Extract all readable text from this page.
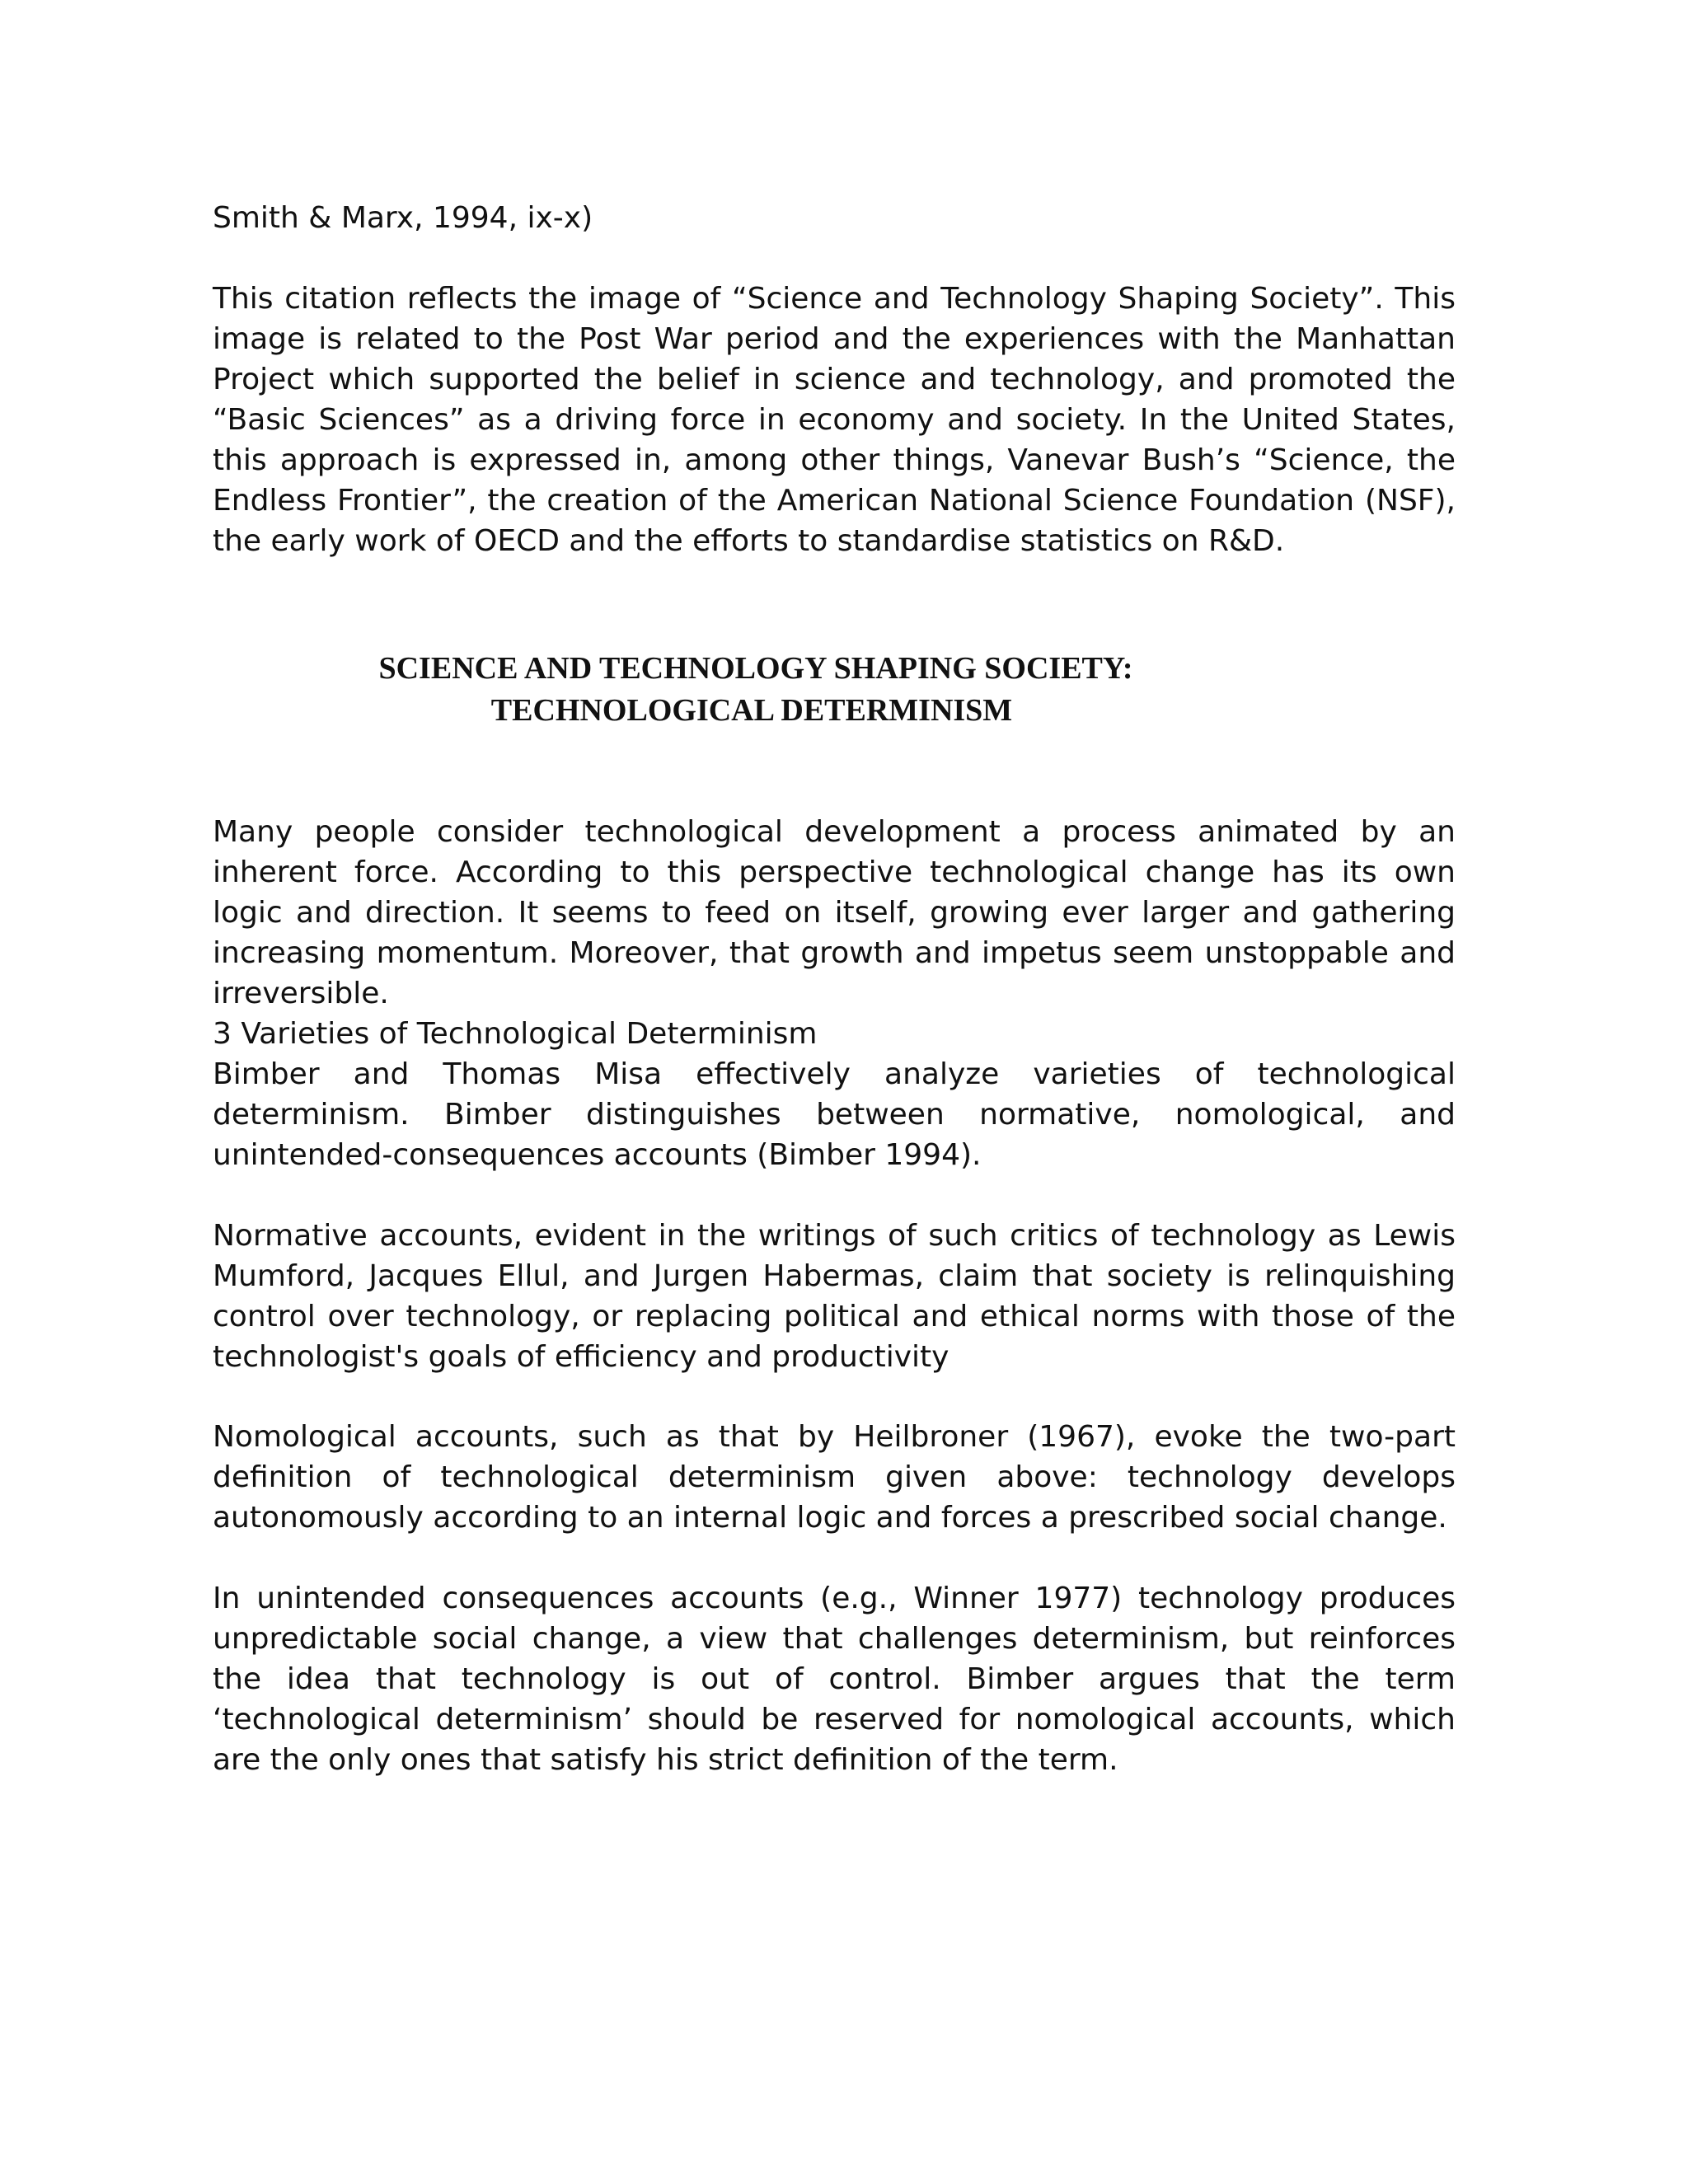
Smith & Marx, 1994, ix-x)
This citation reflects the image of “Science and Technology Shaping Society”. This image is related to the Post War period and the experiences with the Manhattan Project which supported the belief in science and technology, and promoted the “Basic Sciences” as a driving force in economy and society. In the United States, this approach is expressed in, among other things, Vanevar Bush’s “Science, the Endless Frontier”, the creation of the American National Science Foundation (NSF), the early work of OECD and the efforts to standardise statistics on R&D.
SCIENCE AND TECHNOLOGY SHAPING SOCIETY:
TECHNOLOGICAL DETERMINISM
Many people consider technological development a process animated by an inherent force. According to this perspective technological change has its own logic and direction. It seems to feed on itself, growing ever larger and gathering increasing momentum. Moreover, that growth and impetus seem unstoppable and irreversible.
3 Varieties of Technological Determinism
Bimber and Thomas Misa effectively analyze varieties of technological determinism. Bimber distinguishes between normative, nomological, and unintended-consequences accounts (Bimber 1994).
Normative accounts, evident in the writings of such critics of technology as Lewis Mumford, Jacques Ellul, and Jurgen Habermas, claim that society is relinquishing control over technology, or replacing political and ethical norms with those of the technologist's goals of efficiency and productivity
Nomological accounts, such as that by Heilbroner (1967), evoke the two-part definition of technological determinism given above: technology develops autonomously according to an internal logic and forces a prescribed social change.
In unintended consequences accounts (e.g., Winner 1977) technology produces unpredictable social change, a view that challenges determinism, but reinforces the idea that technology is out of control. Bimber argues that the term ‘technological determinism’ should be reserved for nomological accounts, which are the only ones that satisfy his strict definition of the term.
